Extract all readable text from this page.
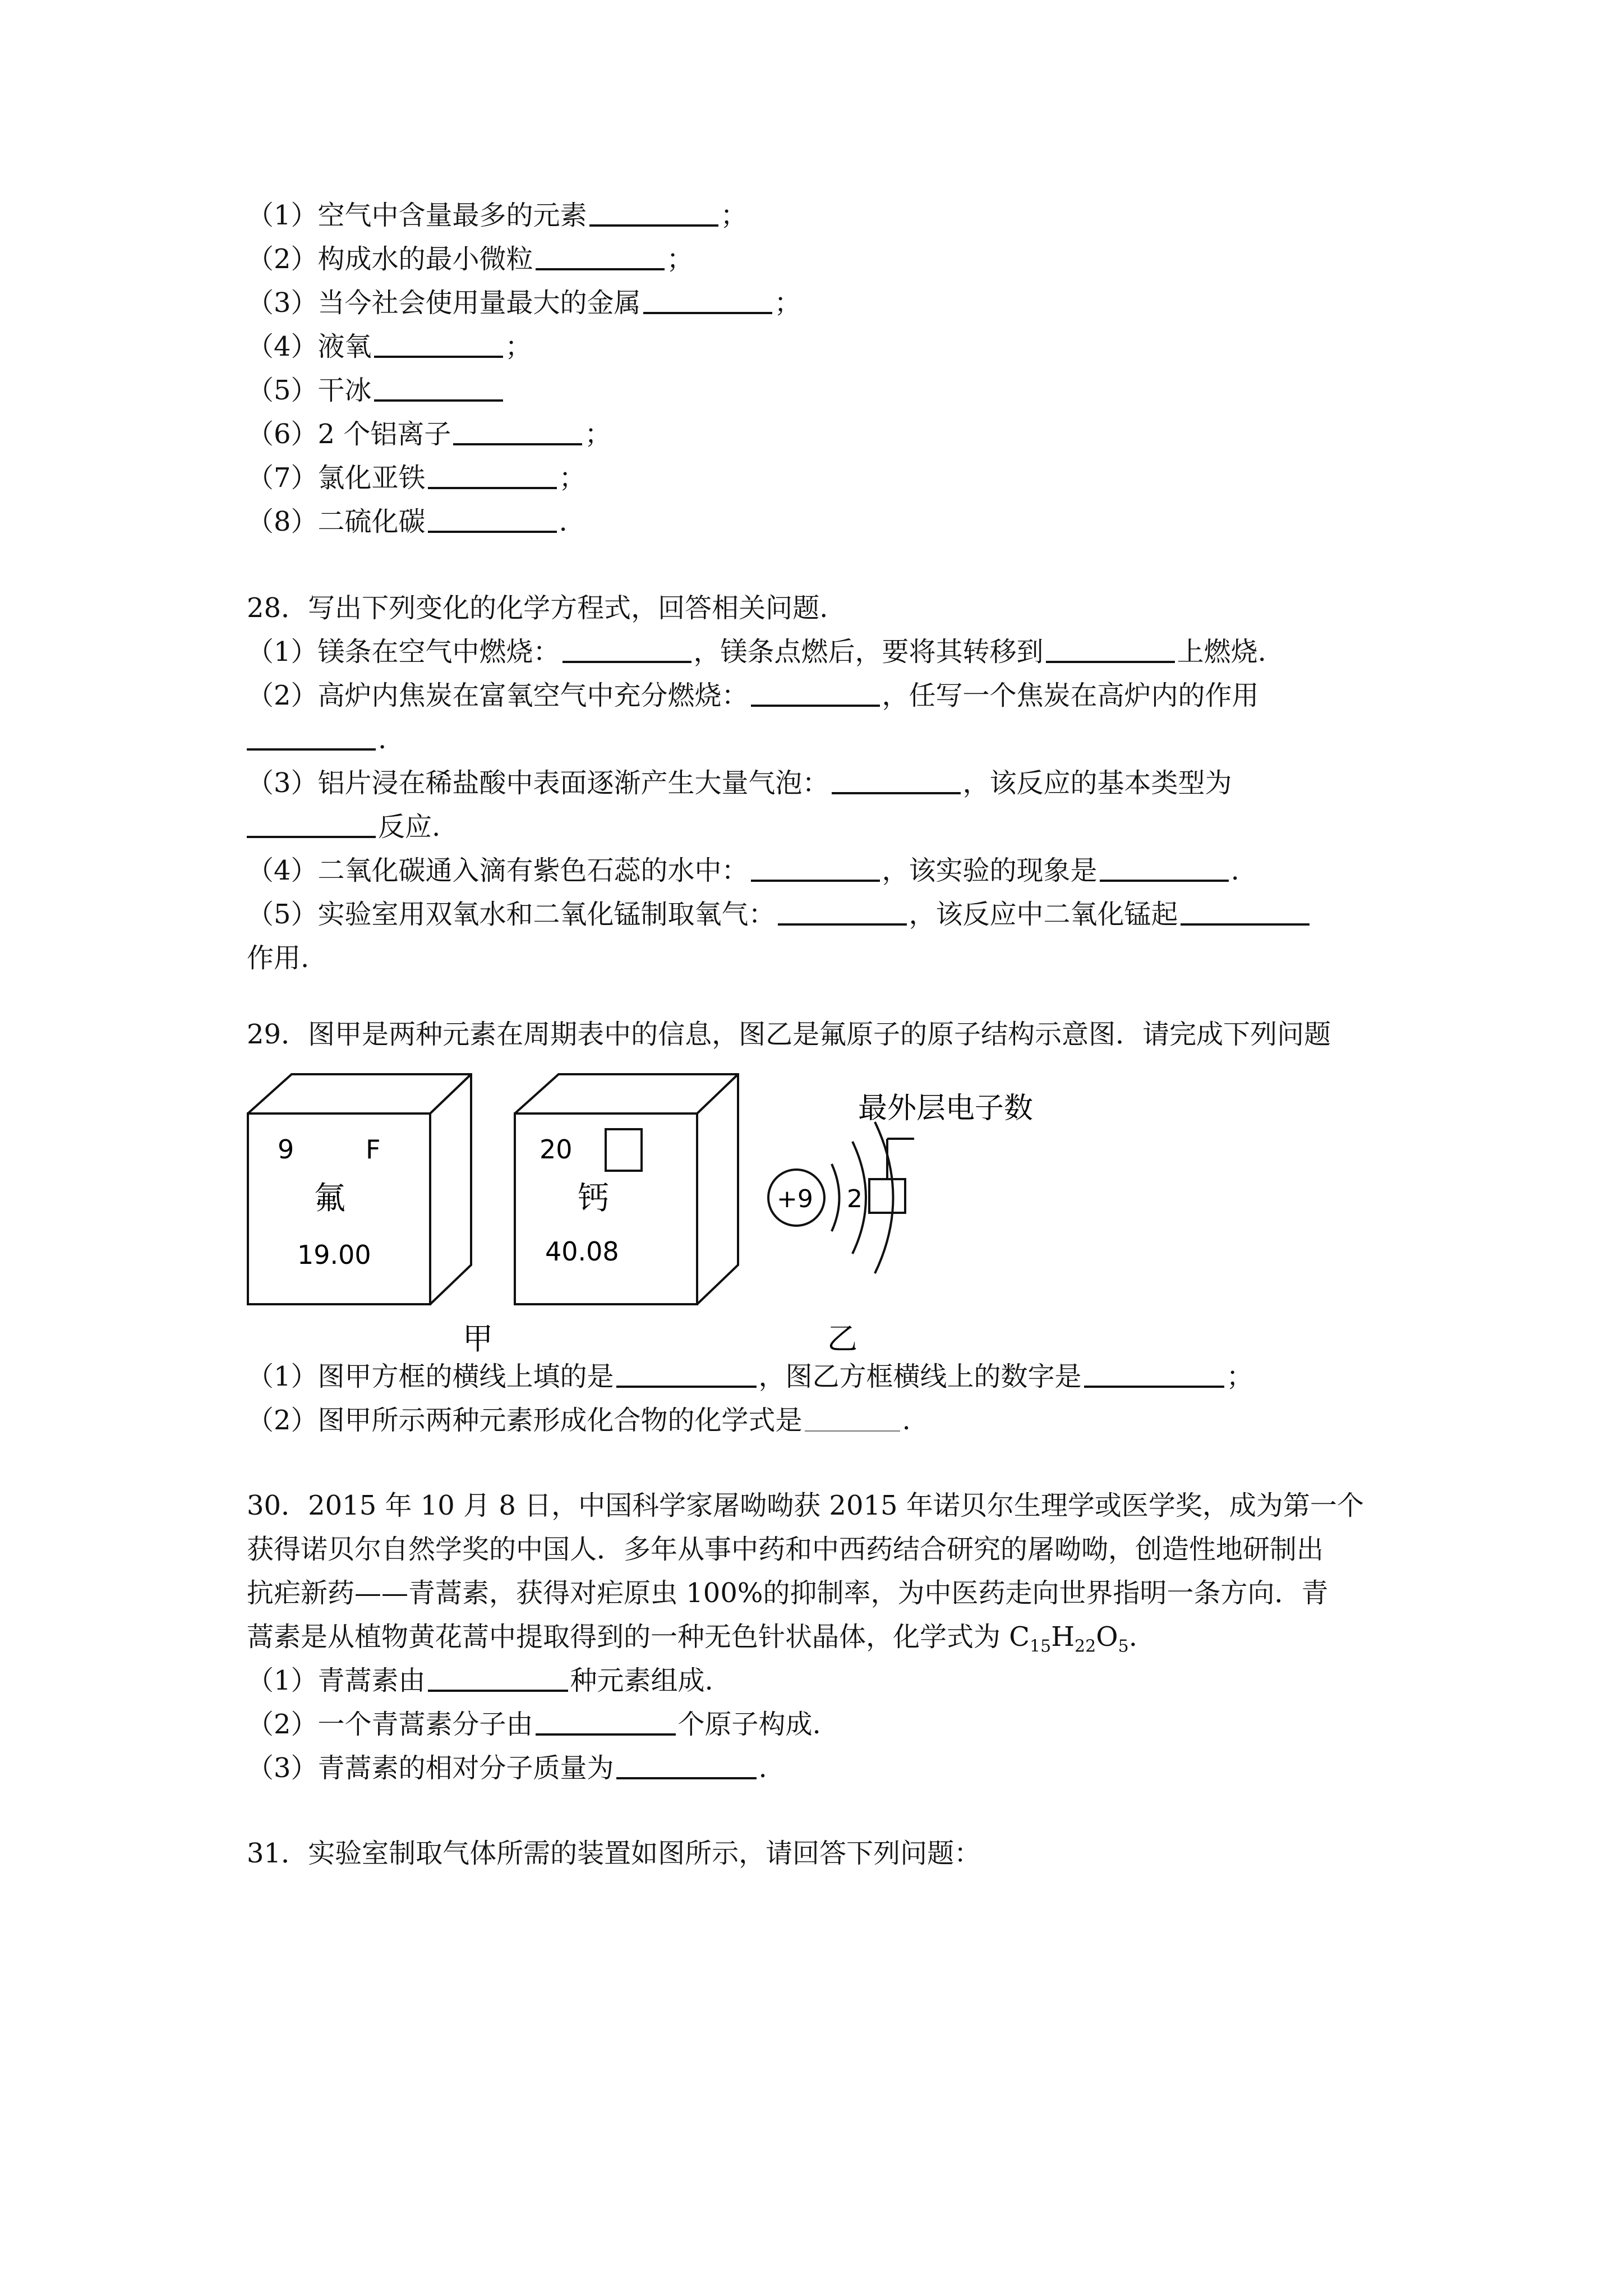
（1）空气中含量最多的元素	；
（2）构成水的最小微粒	；
（3）当今社会使用量最大的金属	；
（4）液氧	；
（5）干冰
（6）2 个铝离子	；
（7）氯化亚铁	；
（8）二硫化碳	.
28．写出下列变化的化学方程式，回答相关问题.
（1）镁条在空气中燃烧：	，镁条点燃后，要将其转移到	上燃烧.
（2）高炉内焦炭在富氧空气中充分燃烧：	，任写一个焦炭在高炉内的作用
.
（3）铝片浸在稀盐酸中表面逐渐产生大量气泡：	，该反应的基本类型为
反应.
（4）二氧化碳通入滴有紫色石蕊的水中：	，该实验的现象是	.
（5）实验室用双氧水和二氧化锰制取氧气：	，该反应中二氧化锰起
作用.
29．图甲是两种元素在周期表中的信息，图乙是氟原子的原子结构示意图．请完成下列问题
9	F
氟
19.00
20
钙
40.08
+9 2
最外层电子数
甲	乙
（1）图甲方框的横线上填的是	，图乙方框横线上的数字是	；
（2）图甲所示两种元素形成化合物的化学式是	.
30．2015 年 10 月 8 日，中国科学家屠呦呦获 2015 年诺贝尔生理学或医学奖，成为第一个
获得诺贝尔自然学奖的中国人．多年从事中药和中西药结合研究的屠呦呦，创造性地研制出
抗疟新药——青蒿素，获得对疟原虫 100%的抑制率，为中医药走向世界指明一条方向．青
蒿素是从植物黄花蒿中提取得到的一种无色针状晶体，化学式为 $C_{15}H_{22}O_5$.
（1）青蒿素由	种元素组成.
（2）一个青蒿素分子由	个原子构成.
（3）青蒿素的相对分子质量为	.
31．实验室制取气体所需的装置如图所示，请回答下列问题：
